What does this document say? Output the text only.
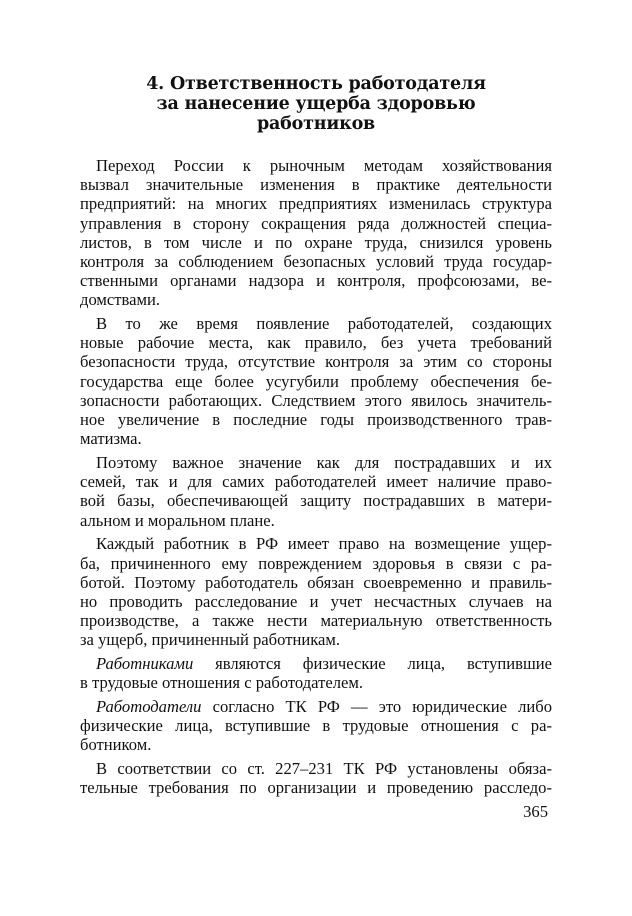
4. Ответственность работодателя
за нанесение ущерба здоровью
работников

Переход России к рыночным методам хозяйствования
вызвал значительные изменения в практике деятельности
предприятий: на многих предприятиях изменилась структура
управления в сторону сокращения ряда должностей специа-
листов, в том числе и по охране труда, снизился уровень
контроля за соблюдением безопасных условий труда государ-
ственными органами надзора и контроля, профсоюзами, ве-
домствами.

В то же время появление работодателей, создающих
новые рабочие места, как правило, без учета требований
безопасности труда, отсутствие контроля за этим со стороны
государства еще более усугубили проблему обеспечения бе-
зопасности работающих. Следствием этого явилось значитель-
ное увеличение в последние годы производственного трав-
матизма.

Поэтому важное значение как для пострадавших и их
семей, так и для самих работодателей имеет наличие право-
вой базы, обеспечивающей защиту пострадавших в матери-
альном и моральном плане.

Каждый работник в РФ имеет право на возмещение ущер-
ба, причиненного ему повреждением здоровья в связи с ра-
ботой. Поэтому работодатель обязан своевременно и правиль-
но проводить расследование и учет несчастных случаев на
производстве, а также нести материальную ответственность
за ущерб, причиненный работникам.

Работниками являются физические лица, вступившие
в трудовые отношения с работодателем.

Работодатели согласно ТК РФ — это юридические либо
физические лица, вступившие в трудовые отношения с ра-
ботником.

В соответствии со ст. 227–231 ТК РФ установлены обяза-
тельные требования по организации и проведению расследо-

365
